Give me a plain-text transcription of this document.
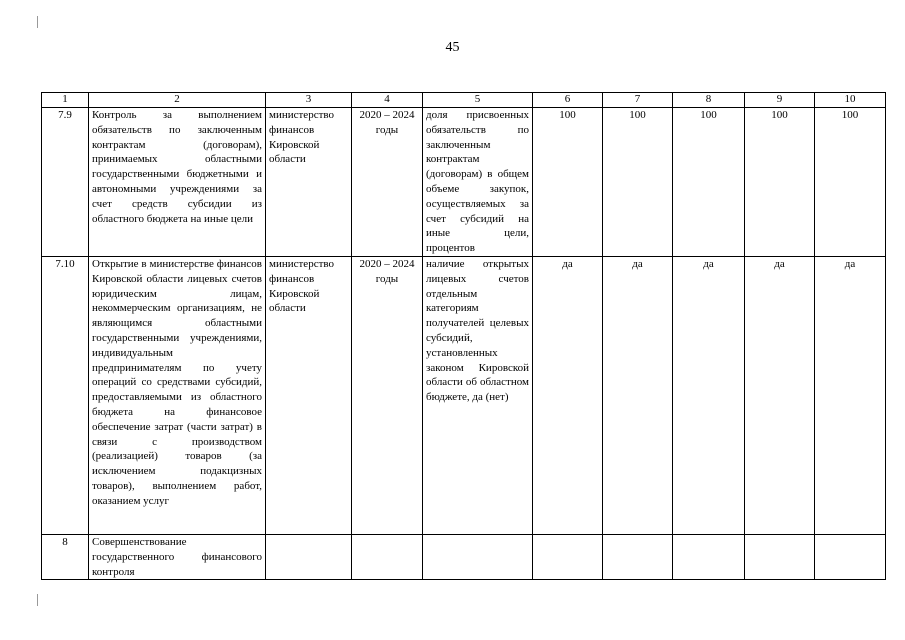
45
1	2	3	4	5	6	7	8	9	10
7.9	Контроль за выполнением обязательств по заключенным контрактам (договорам), принимаемых областными государственными бюджетными и автономными учреждениями за счет средств субсидии из областного бюджета на иные цели	министерство финансов Кировской области	2020 – 2024 годы	доля присвоенных обязательств по заключенным контрактам (договорам) в общем объеме закупок, осуществляемых за счет субсидий на иные цели, процентов	100	100	100	100	100
7.10	Открытие в министерстве финансов Кировской области лицевых счетов юридическим лицам, некоммерческим организациям, не являющимся областными государственными учреждениями, индивидуальным предпринимателям по учету операций со средствами субсидий, предоставляемыми из областного бюджета на финансовое обеспечение затрат (части затрат) в связи с производством (реализацией) товаров (за исключением подакцизных товаров), выполнением работ, оказанием услуг	министерство финансов Кировской области	2020 – 2024 годы	наличие открытых лицевых счетов отдельным категориям получателей целевых субсидий, установленных законом Кировской области об областном бюджете, да (нет)	да	да	да	да	да
8	Совершенствование государственного финансового контроля								
